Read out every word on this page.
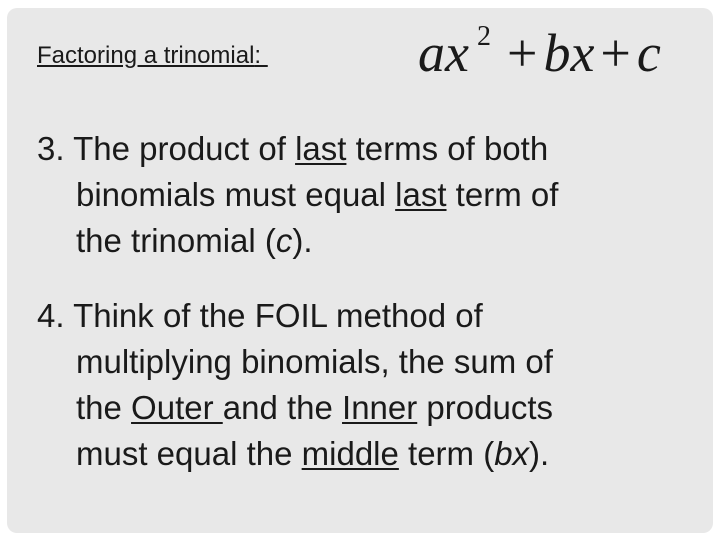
Factoring a trinomial:	ax $^2$ + bx + c
3. The product of last terms of both
binomials must equal last term of
the trinomial (c).
4. Think of the FOIL method of
multiplying binomials, the sum of
the Outer and the Inner products
must equal the middle term (bx).
